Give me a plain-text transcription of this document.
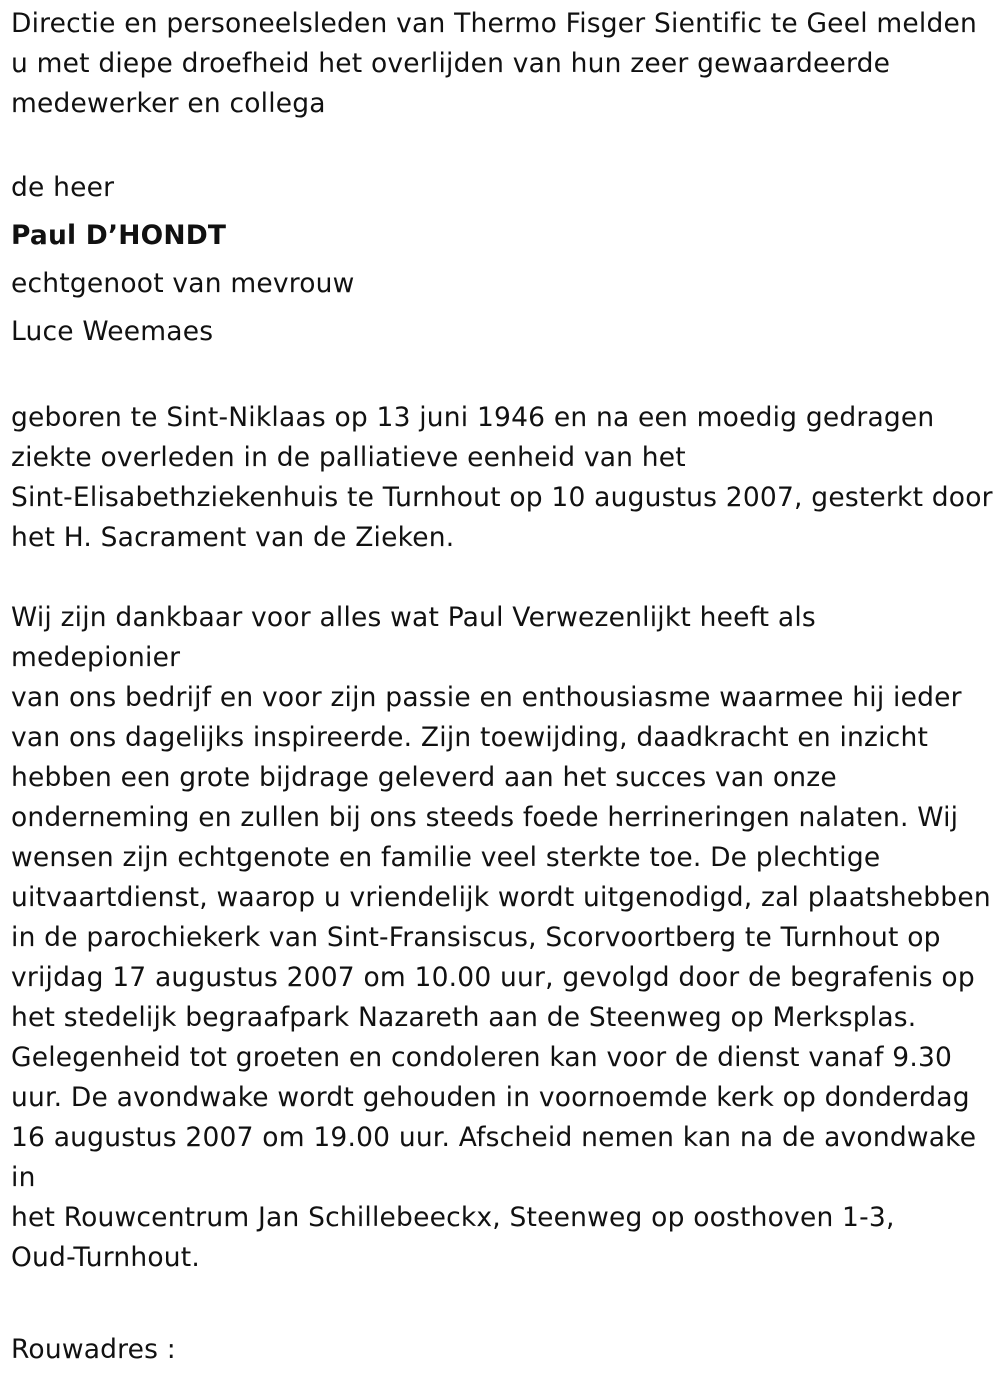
Directie en personeelsleden van Thermo Fisger Sientific te Geel melden
u met diepe droefheid het overlijden van hun zeer gewaardeerde
medewerker en collega
de heer
Paul D’HONDT
echtgenoot van mevrouw
Luce Weemaes
geboren te Sint-Niklaas op 13 juni 1946 en na een moedig gedragen
ziekte overleden in de palliatieve eenheid van het
Sint-Elisabethziekenhuis te Turnhout op 10 augustus 2007, gesterkt door
het H. Sacrament van de Zieken.
Wij zijn dankbaar voor alles wat Paul Verwezenlijkt heeft als medepionier
van ons bedrijf en voor zijn passie en enthousiasme waarmee hij ieder
van ons dagelijks inspireerde. Zijn toewijding, daadkracht en inzicht
hebben een grote bijdrage geleverd aan het succes van onze
onderneming en zullen bij ons steeds foede herrineringen nalaten. Wij
wensen zijn echtgenote en familie veel sterkte toe. De plechtige
uitvaartdienst, waarop u vriendelijk wordt uitgenodigd, zal plaatshebben
in de parochiekerk van Sint-Fransiscus, Scorvoortberg te Turnhout op
vrijdag 17 augustus 2007 om 10.00 uur, gevolgd door de begrafenis op
het stedelijk begraafpark Nazareth aan de Steenweg op Merksplas.
Gelegenheid tot groeten en condoleren kan voor de dienst vanaf 9.30
uur. De avondwake wordt gehouden in voornoemde kerk op donderdag
16 augustus 2007 om 19.00 uur. Afscheid nemen kan na de avondwake in
het Rouwcentrum Jan Schillebeeckx, Steenweg op oosthoven 1-3,
Oud-Turnhout.
Rouwadres :
